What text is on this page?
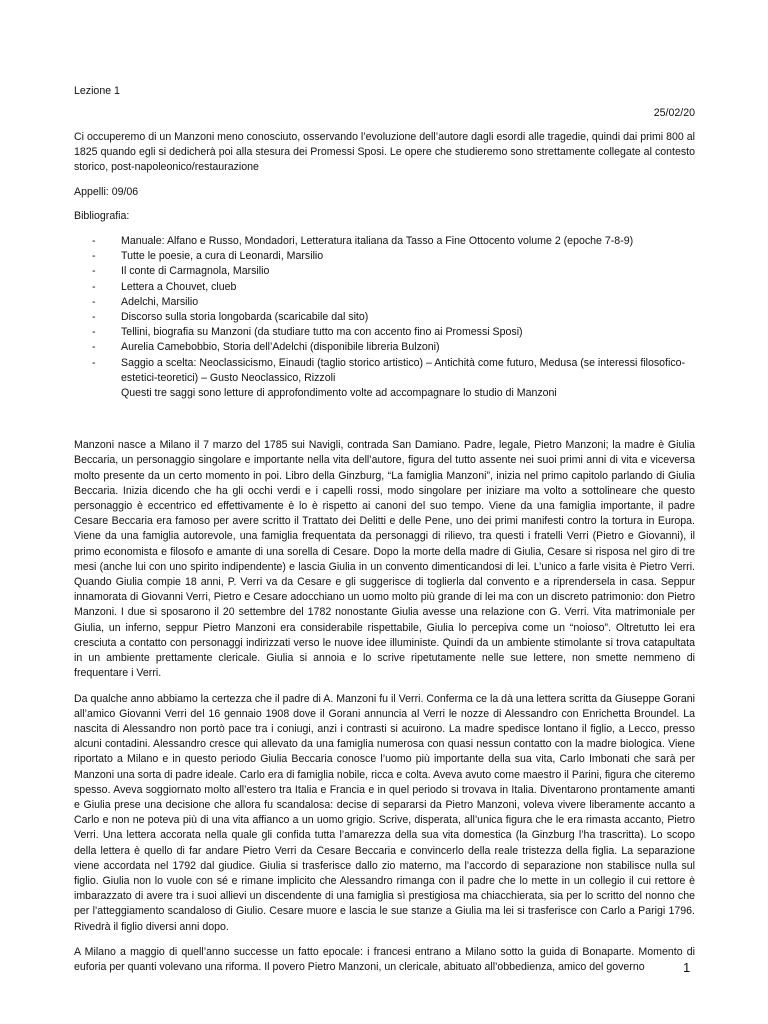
Lezione 1

25/02/20

Ci occuperemo di un Manzoni meno conosciuto, osservando l’evoluzione dell’autore dagli esordi alle tragedie, quindi dai primi 800 al 1825 quando egli si dedicherà poi alla stesura dei Promessi Sposi. Le opere che studieremo sono strettamente collegate al contesto storico, post-napoleonico/restaurazione

Appelli: 09/06

Bibliografia:

- Manuale: Alfano e Russo, Mondadori, Letteratura italiana da Tasso a Fine Ottocento volume 2 (epoche 7-8-9)
- Tutte le poesie, a cura di Leonardi, Marsilio
- Il conte di Carmagnola, Marsilio
- Lettera a Chouvet, clueb
- Adelchi, Marsilio
- Discorso sulla storia longobarda (scaricabile dal sito)
- Tellini, biografia su Manzoni (da studiare tutto ma con accento fino ai Promessi Sposi)
- Aurelia Camebobbio, Storia dell’Adelchi (disponibile libreria Bulzoni)
- Saggio a scelta: Neoclassicismo, Einaudi (taglio storico artistico) – Antichità come futuro, Medusa (se interessi filosofico-estetici-teoretici) – Gusto Neoclassico, Rizzoli

Questi tre saggi sono letture di approfondimento volte ad accompagnare lo studio di Manzoni

Manzoni nasce a Milano il 7 marzo del 1785 sui Navigli, contrada San Damiano. Padre, legale, Pietro Manzoni; la madre è Giulia Beccaria, un personaggio singolare e importante nella vita dell’autore, figura del tutto assente nei suoi primi anni di vita e viceversa molto presente da un certo momento in poi. Libro della Ginzburg, “La famiglia Manzoni”, inizia nel primo capitolo parlando di Giulia Beccaria. Inizia dicendo che ha gli occhi verdi e i capelli rossi, modo singolare per iniziare ma volto a sottolineare che questo personaggio è eccentrico ed effettivamente è lo è rispetto ai canoni del suo tempo. Viene da una famiglia importante, il padre Cesare Beccaria era famoso per avere scritto il Trattato dei Delitti e delle Pene, uno dei primi manifesti contro la tortura in Europa. Viene da una famiglia autorevole, una famiglia frequentata da personaggi di rilievo, tra questi i fratelli Verri (Pietro e Giovanni), il primo economista e filosofo e amante di una sorella di Cesare. Dopo la morte della madre di Giulia, Cesare si risposa nel giro di tre mesi (anche lui con uno spirito indipendente) e lascia Giulia in un convento dimenticandosi di lei. L’unico a farle visita è Pietro Verri. Quando Giulia compie 18 anni, P. Verri va da Cesare e gli suggerisce di toglierla dal convento e a riprendersela in casa. Seppur innamorata di Giovanni Verri, Pietro e Cesare adocchiano un uomo molto più grande di lei ma con un discreto patrimonio: don Pietro Manzoni. I due si sposarono il 20 settembre del 1782 nonostante Giulia avesse una relazione con G. Verri. Vita matrimoniale per Giulia, un inferno, seppur Pietro Manzoni era considerabile rispettabile, Giulia lo percepiva come un “noioso”. Oltretutto lei era cresciuta a contatto con personaggi indirizzati verso le nuove idee illuministe. Quindi da un ambiente stimolante si trova catapultata in un ambiente prettamente clericale. Giulia si annoia e lo scrive ripetutamente nelle sue lettere, non smette nemmeno di frequentare i Verri.

Da qualche anno abbiamo la certezza che il padre di A. Manzoni fu il Verri. Conferma ce la dà una lettera scritta da Giuseppe Gorani all’amico Giovanni Verri del 16 gennaio 1908 dove il Gorani annuncia al Verri le nozze di Alessandro con Enrichetta Broundel. La nascita di Alessandro non portò pace tra i coniugi, anzi i contrasti si acuirono. La madre spedisce lontano il figlio, a Lecco, presso alcuni contadini. Alessandro cresce qui allevato da una famiglia numerosa con quasi nessun contatto con la madre biologica. Viene riportato a Milano e in questo periodo Giulia Beccaria conosce l’uomo più importante della sua vita, Carlo Imbonati che sarà per Manzoni una sorta di padre ideale. Carlo era di famiglia nobile, ricca e colta. Aveva avuto come maestro il Parini, figura che citeremo spesso. Aveva soggiornato molto all’estero tra Italia e Francia e in quel periodo si trovava in Italia. Diventarono prontamente amanti e Giulia prese una decisione che allora fu scandalosa: decise di separarsi da Pietro Manzoni, voleva vivere liberamente accanto a Carlo e non ne poteva più di una vita affianco a un uomo grigio. Scrive, disperata, all’unica figura che le era rimasta accanto, Pietro Verri. Una lettera accorata nella quale gli confida tutta l’amarezza della sua vita domestica (la Ginzburg l’ha trascritta). Lo scopo della lettera è quello di far andare Pietro Verri da Cesare Beccaria e convincerlo della reale tristezza della figlia. La separazione viene accordata nel 1792 dal giudice. Giulia si trasferisce dallo zio materno, ma l’accordo di separazione non stabilisce nulla sul figlio. Giulia non lo vuole con sé e rimane implicito che Alessandro rimanga con il padre che lo mette in un collegio il cui rettore è imbarazzato di avere tra i suoi allievi un discendente di una famiglia sì prestigiosa ma chiacchierata, sia per lo scritto del nonno che per l’atteggiamento scandaloso di Giulio. Cesare muore e lascia le sue stanze a Giulia ma lei si trasferisce con Carlo a Parigi 1796. Rivedrà il figlio diversi anni dopo.

A Milano a maggio di quell’anno successe un fatto epocale: i francesi entrano a Milano sotto la guida di Bonaparte. Momento di euforia per quanti volevano una riforma. Il povero Pietro Manzoni, un clericale, abituato all’obbedienza, amico del governo	1
